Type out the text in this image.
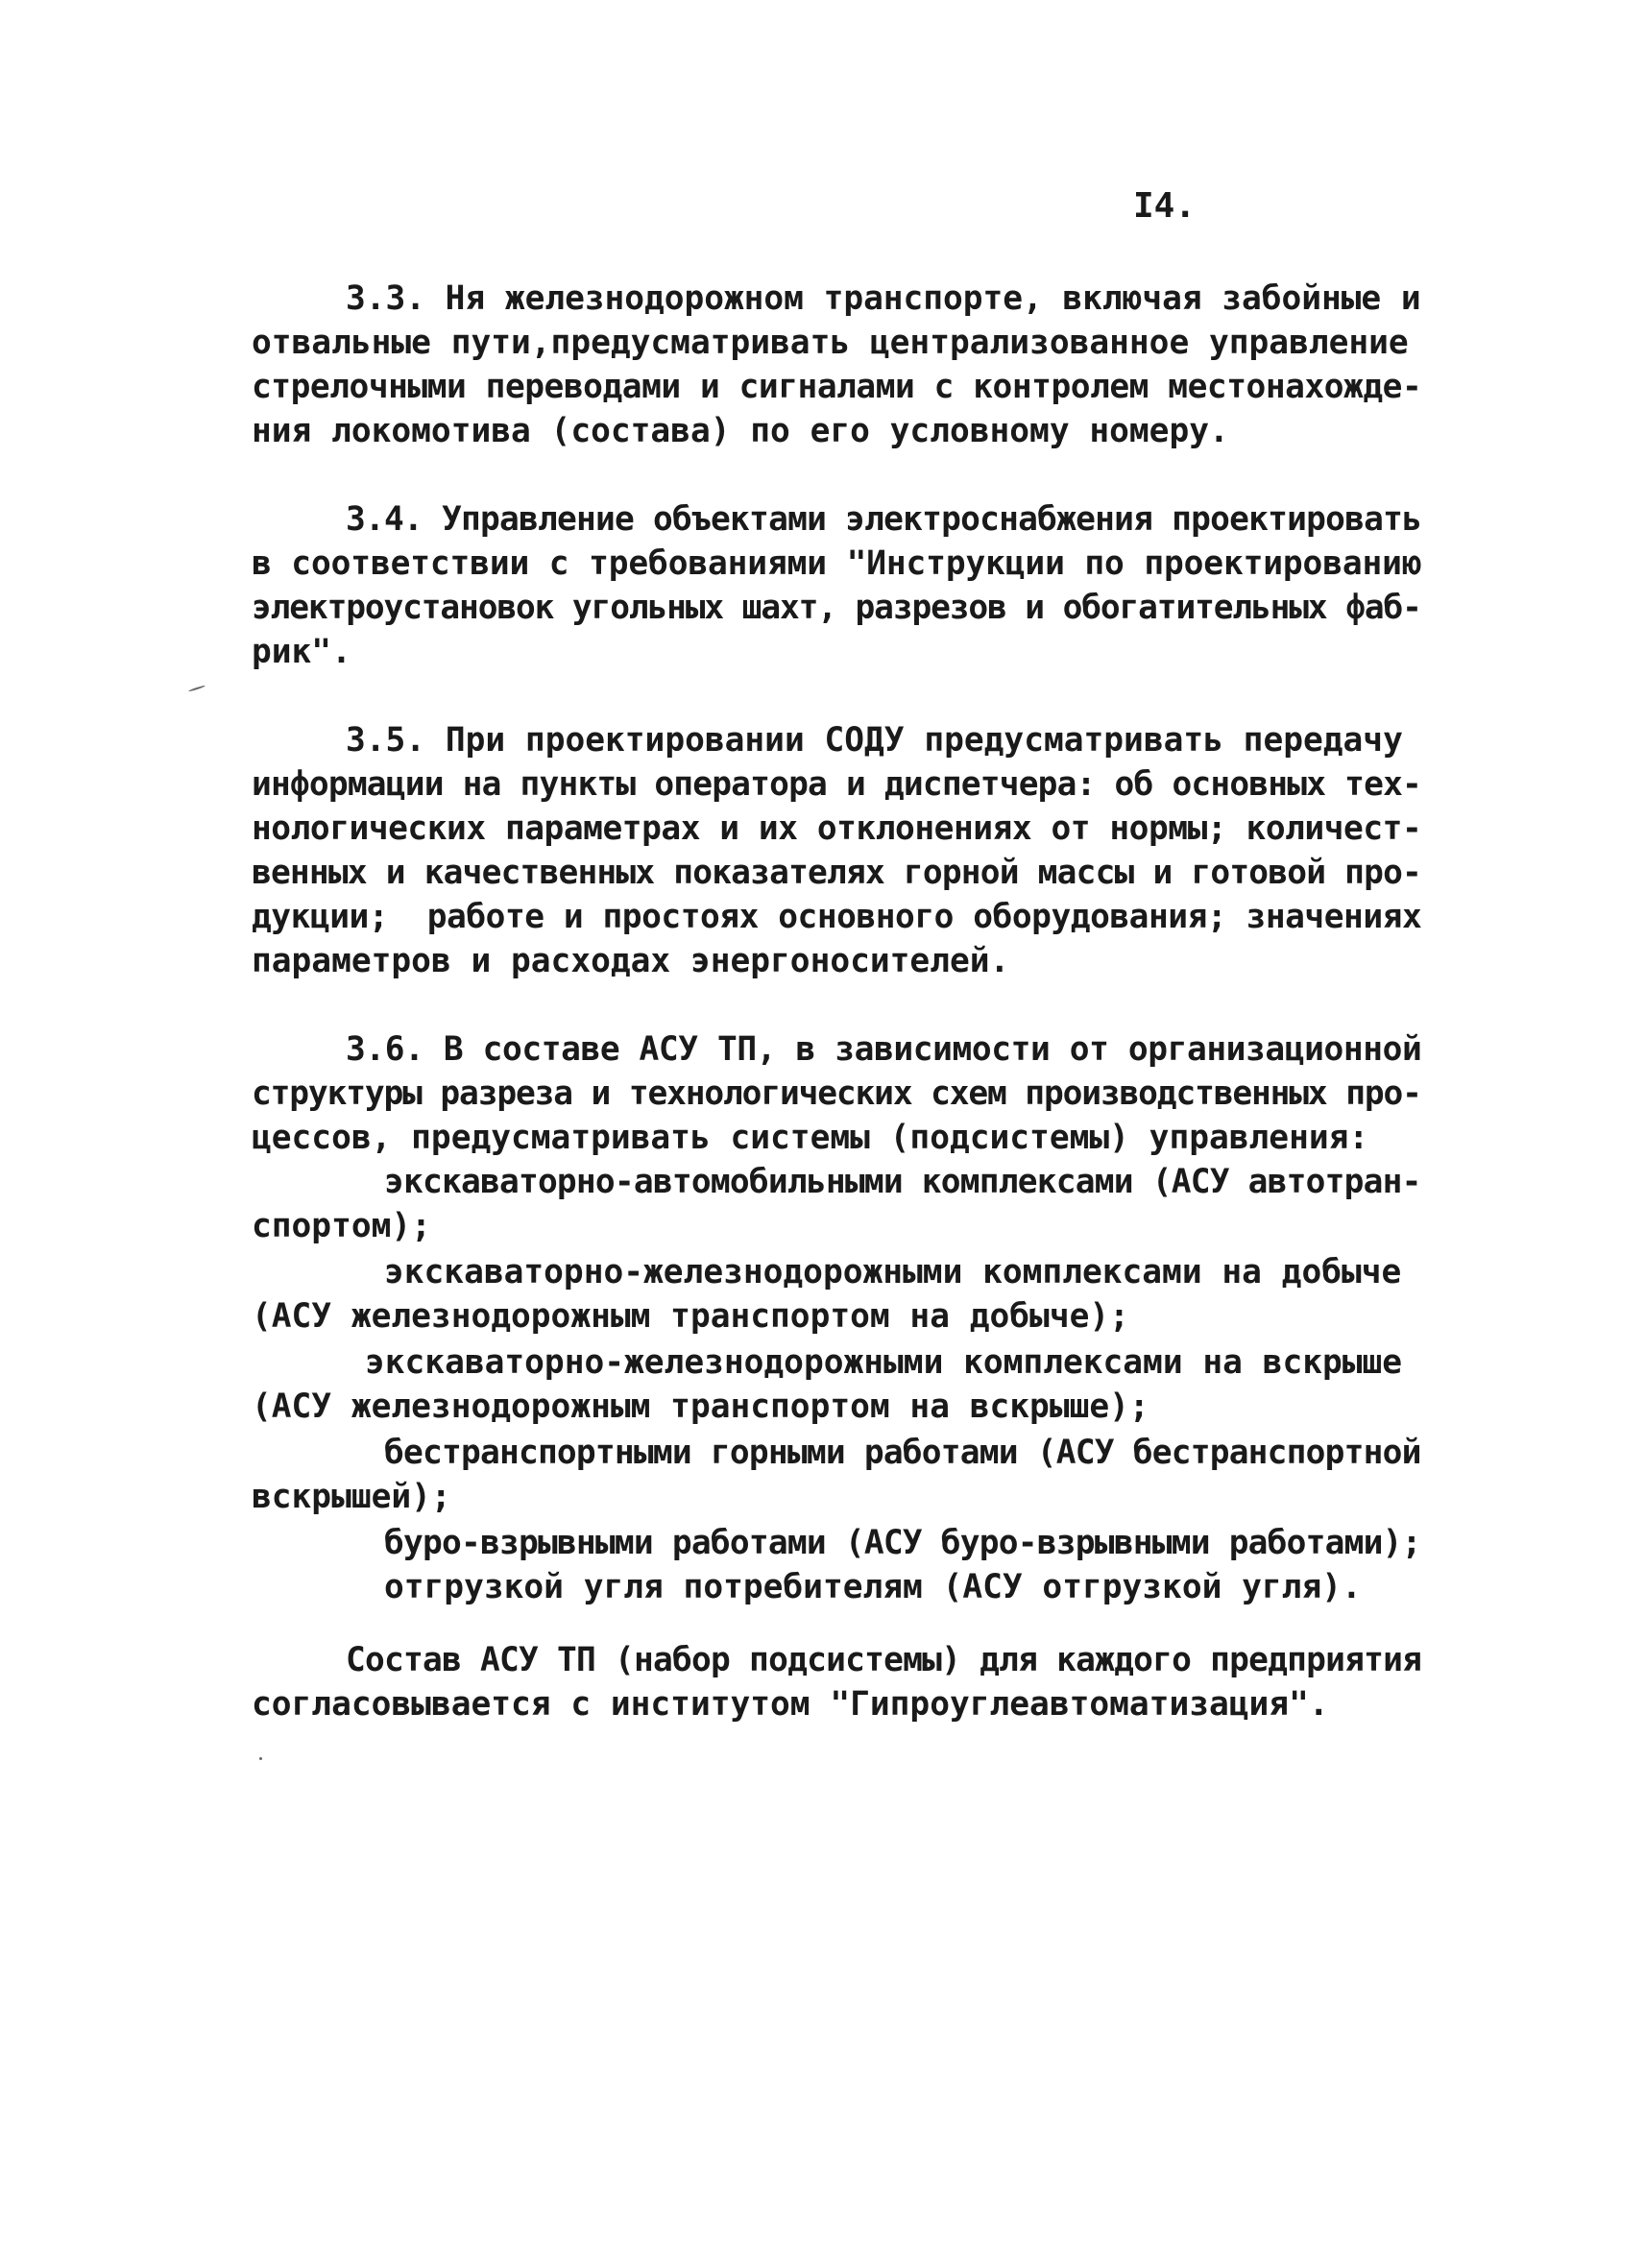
I4.
3.3. Ня железнодорожном транспорте, включая забойные и
отвальные пути,предусматривать централизованное управление
стрелочными переводами и сигналами с контролем местонахожде-
ния локомотива (состава) по его условному номеру.
3.4. Управление объектами электроснабжения проектировать
в соответствии с требованиями "Инструкции по проектированию
электроустановок угольных шахт, разрезов и обогатительных фаб-
рик".
3.5. При проектировании СОДУ предусматривать передачу
информации на пункты оператора и диспетчера: об основных тех-
нологических параметрах и их отклонениях от нормы; количест-
венных и качественных показателях горной массы и готовой про-
дукции;  работе и простоях основного оборудования; значениях
параметров и расходах энергоносителей.
3.6. В составе АСУ ТП, в зависимости от организационной
структуры разреза и технологических схем производственных про-
цессов, предусматривать системы (подсистемы) управления:
экскаваторно-автомобильными комплексами (АСУ автотран-
спортом);
экскаваторно-железнодорожными комплексами на добыче
(АСУ железнодорожным транспортом на добыче);
экскаваторно-железнодорожными комплексами на вскрыше
(АСУ железнодорожным транспортом на вскрыше);
бестранспортными горными работами (АСУ бестранспортной
вскрышей);
буро-взрывными работами (АСУ буро-взрывными работами);
отгрузкой угля потребителям (АСУ отгрузкой угля).
Состав АСУ ТП (набор подсистемы) для каждого предприятия
согласовывается с институтом "Гипроуглеавтоматизация".
